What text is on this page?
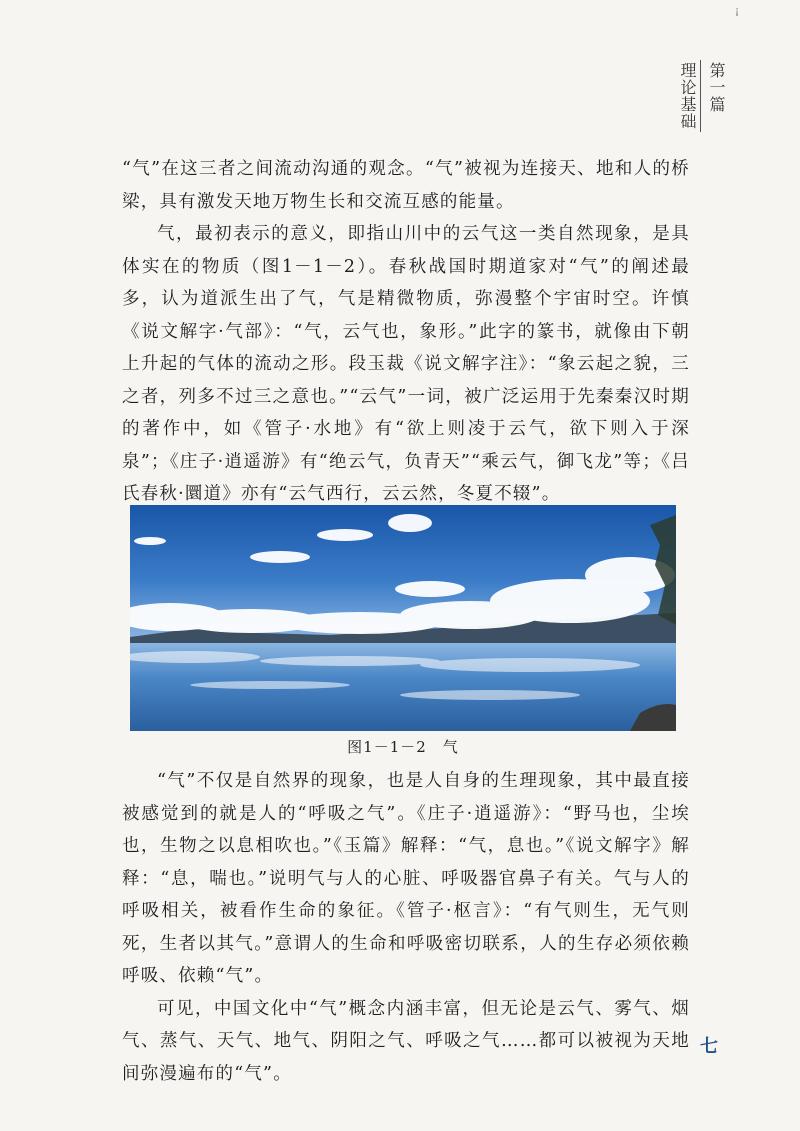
¡
理论基础 第一篇

“气”在这三者之间流动沟通的观念。“气”被视为连接天、地和人的桥梁，具有激发天地万物生长和交流互感的能量。

气，最初表示的意义，即指山川中的云气这一类自然现象，是具体实在的物质（图1－1－2）。春秋战国时期道家对“气”的阐述最多，认为道派生出了气，气是精微物质，弥漫整个宇宙时空。许慎《说文解字·气部》：“气，云气也，象形。”此字的篆书，就像由下朝上升起的气体的流动之形。段玉裁《说文解字注》：“象云起之貌，三之者，列多不过三之意也。”“云气”一词，被广泛运用于先秦秦汉时期的著作中，如《管子·水地》有“欲上则凌于云气，欲下则入于深泉”；《庄子·逍遥游》有“绝云气，负青天”“乘云气，御飞龙”等；《吕氏春秋·圜道》亦有“云气西行，云云然，冬夏不辍”。

图1－1－2　气

“气”不仅是自然界的现象，也是人自身的生理现象，其中最直接被感觉到的就是人的“呼吸之气”。《庄子·逍遥游》：“野马也，尘埃也，生物之以息相吹也。”《玉篇》解释：“气，息也。”《说文解字》解释：“息，喘也。”说明气与人的心脏、呼吸器官鼻子有关。气与人的呼吸相关，被看作生命的象征。《管子·枢言》：“有气则生，无气则死，生者以其气。”意谓人的生命和呼吸密切联系，人的生存必须依赖呼吸、依赖“气”。

可见，中国文化中“气”概念内涵丰富，但无论是云气、雾气、烟气、蒸气、天气、地气、阴阳之气、呼吸之气……都可以被视为天地间弥漫遍布的“气”。

七
